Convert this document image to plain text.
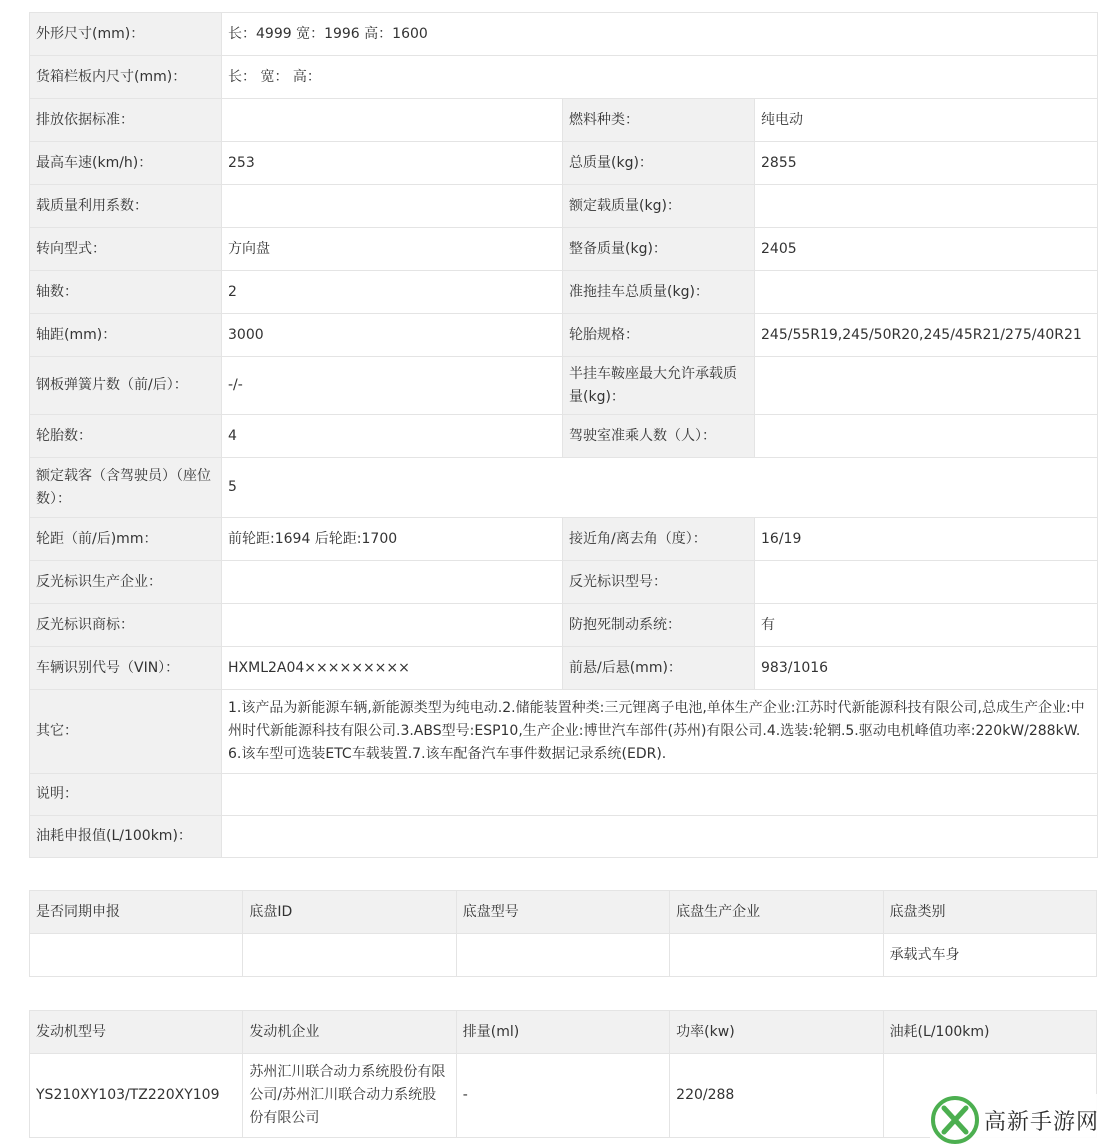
外形尺寸(mm)：	长：4999 宽：1996 高：1600		
货箱栏板内尺寸(mm)：	长： 宽： 高：		
排放依据标准：		燃料种类：	纯电动
最高车速(km/h)：	253	总质量(kg)：	2855
载质量利用系数：		额定载质量(kg)：	
转向型式：	方向盘	整备质量(kg)：	2405
轴数：	2	准拖挂车总质量(kg)：	
轴距(mm)：	3000	轮胎规格：	245/55R19,245/50R20,245/45R21/275/40R21
钢板弹簧片数（前/后）：	-/-	半挂车鞍座最大允许承载质量(kg)：	
轮胎数：	4	驾驶室准乘人数（人）：	
额定载客（含驾驶员）（座位数）：	5		
轮距（前/后)mm：	前轮距:1694 后轮距:1700	接近角/离去角（度）：	16/19
反光标识生产企业：		反光标识型号：	
反光标识商标：		防抱死制动系统：	有
车辆识别代号（VIN）：	HXML2A04×××××××××	前悬/后悬(mm)：	983/1016
其它：	1.该产品为新能源车辆,新能源类型为纯电动.2.储能装置种类:三元锂离子电池,单体生产企业:江苏时代新能源科技有限公司,总成生产企业:中州时代新能源科技有限公司.3.ABS型号:ESP10,生产企业:博世汽车部件(苏州)有限公司.4.选装:轮辋.5.驱动电机峰值功率:220kW/288kW.6.该车型可选装ETC车载装置.7.该车配备汽车事件数据记录系统(EDR).		
说明：			
油耗申报值(L/100km)：			
是否同期申报	底盘ID	底盘型号	底盘生产企业	底盘类别
				承载式车身
发动机型号	发动机企业	排量(ml)	功率(kw)	油耗(L/100km)
YS210XY103/TZ220XY109	苏州汇川联合动力系统股份有限公司/苏州汇川联合动力系统股份有限公司	-	220/288	
高新手游网
